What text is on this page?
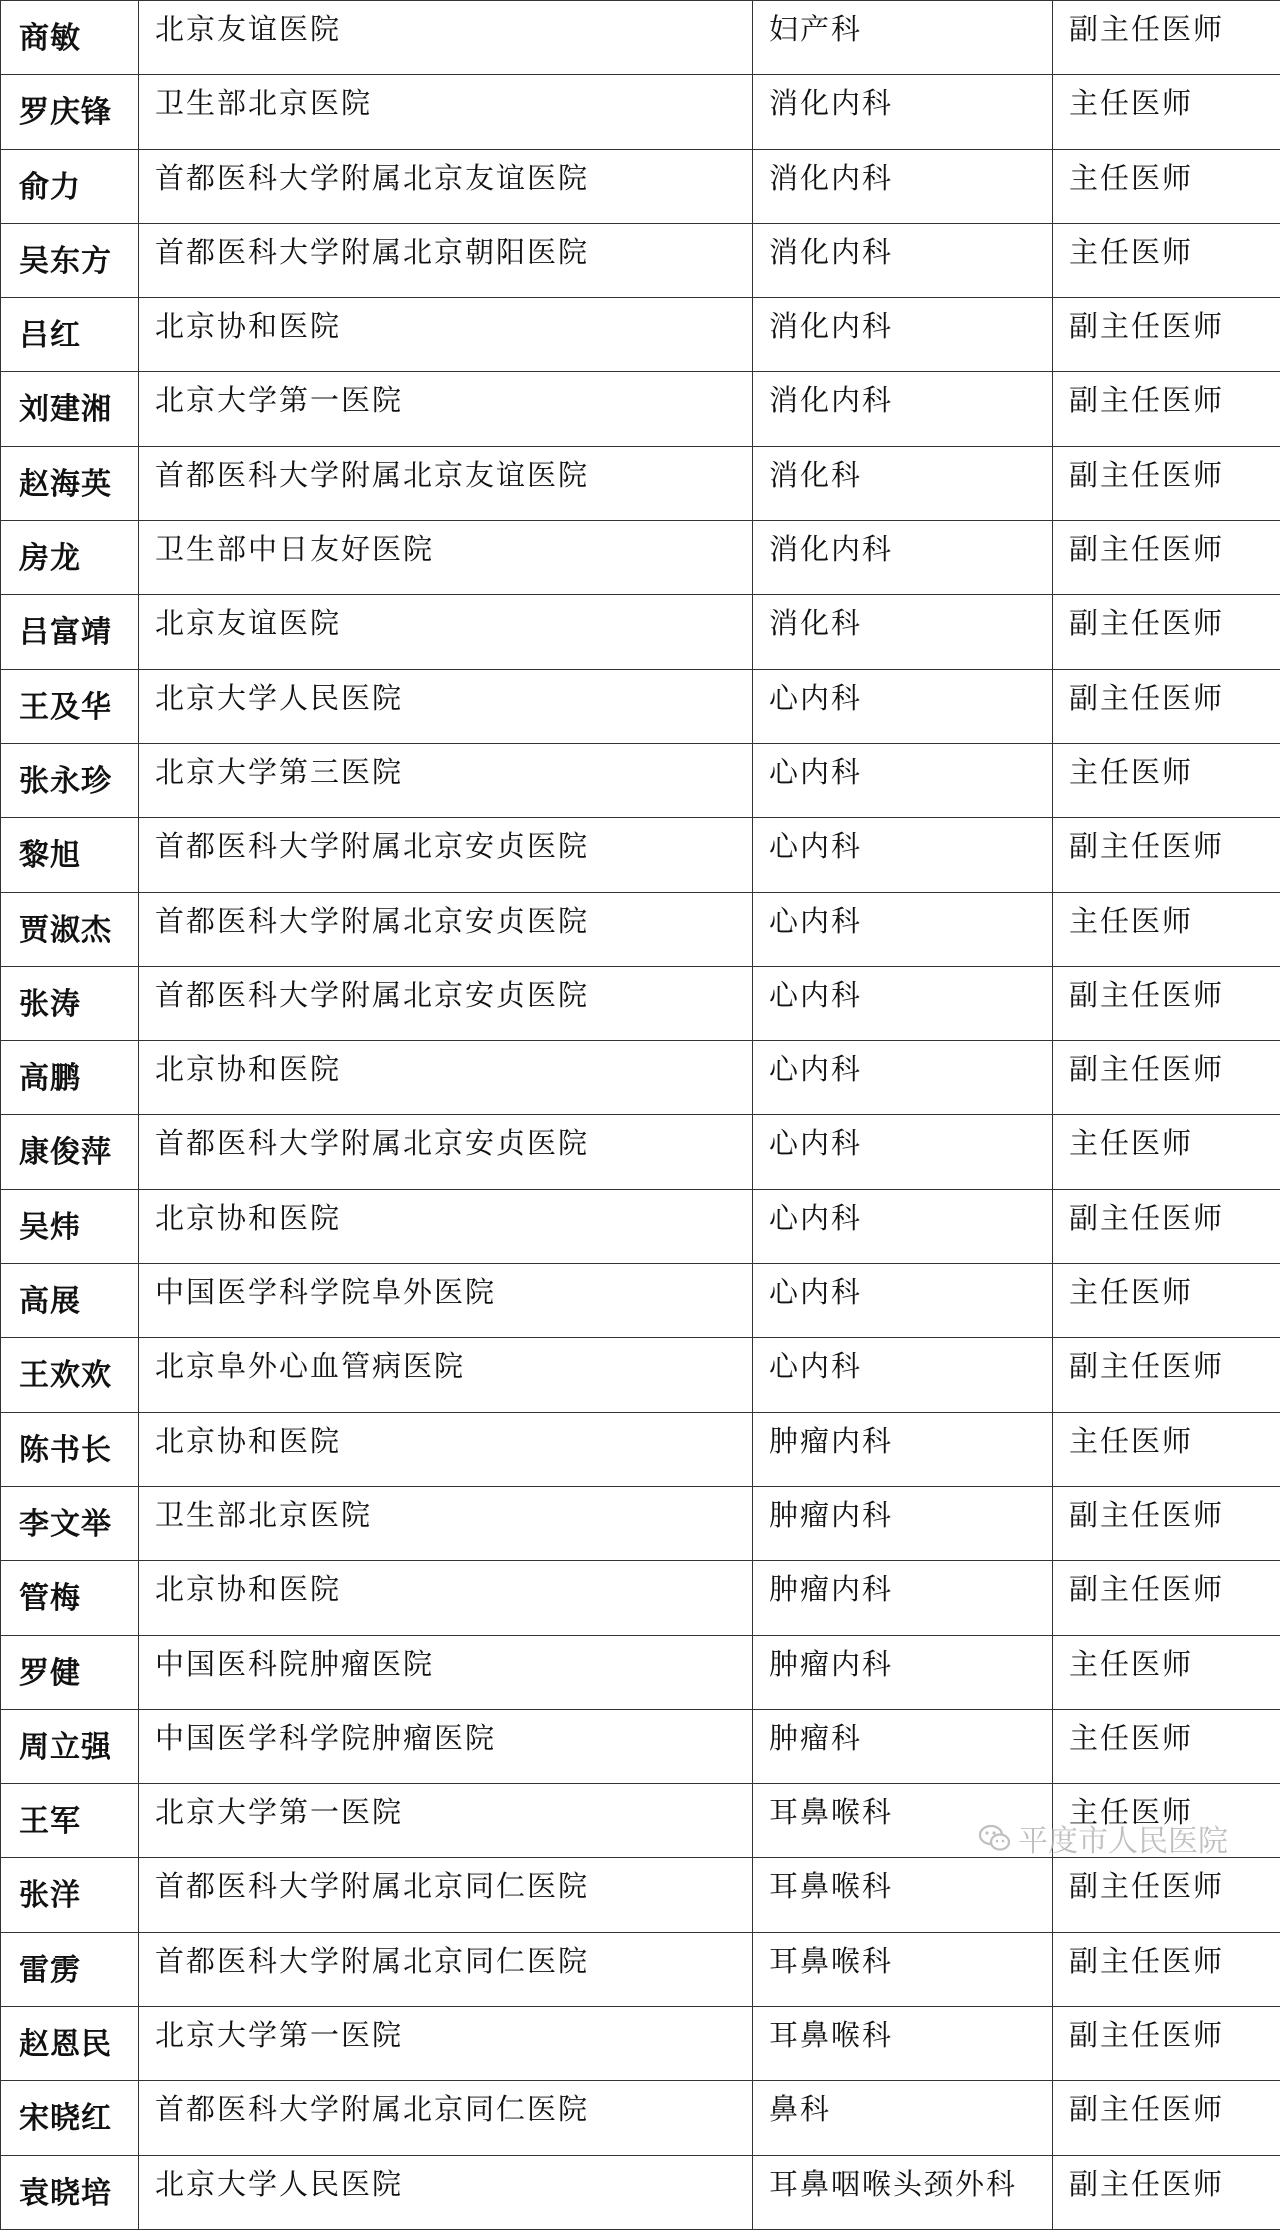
商敏	北京友谊医院	妇产科	副主任医师
罗庆锋	卫生部北京医院	消化内科	主任医师
俞力	首都医科大学附属北京友谊医院	消化内科	主任医师
吴东方	首都医科大学附属北京朝阳医院	消化内科	主任医师
吕红	北京协和医院	消化内科	副主任医师
刘建湘	北京大学第一医院	消化内科	副主任医师
赵海英	首都医科大学附属北京友谊医院	消化科	副主任医师
房龙	卫生部中日友好医院	消化内科	副主任医师
吕富靖	北京友谊医院	消化科	副主任医师
王及华	北京大学人民医院	心内科	副主任医师
张永珍	北京大学第三医院	心内科	主任医师
黎旭	首都医科大学附属北京安贞医院	心内科	副主任医师
贾淑杰	首都医科大学附属北京安贞医院	心内科	主任医师
张涛	首都医科大学附属北京安贞医院	心内科	副主任医师
高鹏	北京协和医院	心内科	副主任医师
康俊萍	首都医科大学附属北京安贞医院	心内科	主任医师
吴炜	北京协和医院	心内科	副主任医师
高展	中国医学科学院阜外医院	心内科	主任医师
王欢欢	北京阜外心血管病医院	心内科	副主任医师
陈书长	北京协和医院	肿瘤内科	主任医师
李文举	卫生部北京医院	肿瘤内科	副主任医师
管梅	北京协和医院	肿瘤内科	副主任医师
罗健	中国医科院肿瘤医院	肿瘤内科	主任医师
周立强	中国医学科学院肿瘤医院	肿瘤科	主任医师
王军	北京大学第一医院	耳鼻喉科	主任医师
张洋	首都医科大学附属北京同仁医院	耳鼻喉科	副主任医师
雷雳	首都医科大学附属北京同仁医院	耳鼻喉科	副主任医师
赵恩民	北京大学第一医院	耳鼻喉科	副主任医师
宋晓红	首都医科大学附属北京同仁医院	鼻科	副主任医师
袁晓培	北京大学人民医院	耳鼻咽喉头颈外科	副主任医师
平度市人民医院
